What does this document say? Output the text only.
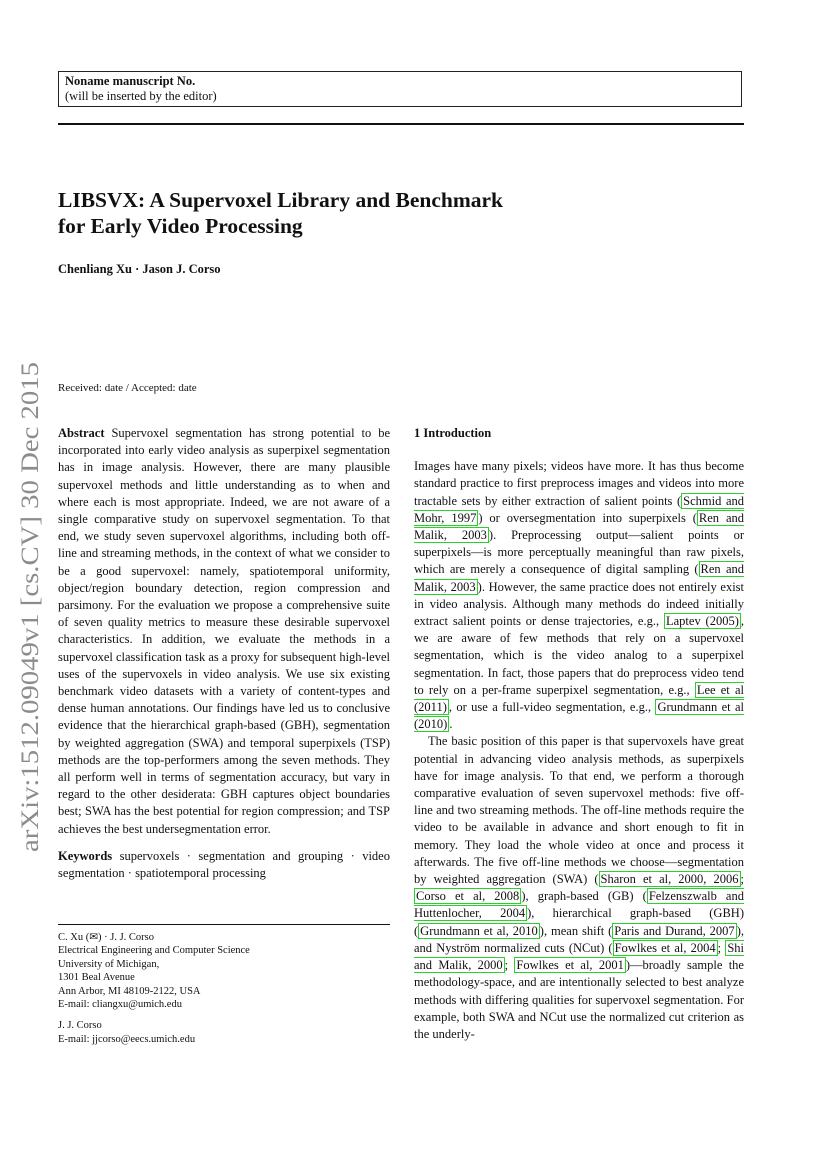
Noname manuscript No.
(will be inserted by the editor)
LIBSVX: A Supervoxel Library and Benchmark
for Early Video Processing
Chenliang Xu · Jason J. Corso
arXiv:1512.09049v1 [cs.CV] 30 Dec 2015
Received: date / Accepted: date

Abstract Supervoxel segmentation has strong potential to be incorporated into early video analysis as superpixel segmentation has in image analysis. However, there are many plausible supervoxel methods and little understanding as to when and where each is most appropriate. Indeed, we are not aware of a single comparative study on supervoxel segmentation. To that end, we study seven supervoxel algorithms, including both off-line and streaming methods, in the context of what we consider to be a good supervoxel: namely, spatiotemporal uniformity, object/region boundary detection, region compression and parsimony. For the evaluation we propose a comprehensive suite of seven quality metrics to measure these desirable supervoxel characteristics. In addition, we evaluate the methods in a supervoxel classification task as a proxy for subsequent high-level uses of the supervoxels in video analysis. We use six existing benchmark video datasets with a variety of content-types and dense human annotations. Our findings have led us to conclusive evidence that the hierarchical graph-based (GBH), segmentation by weighted aggregation (SWA) and temporal superpixels (TSP) methods are the top-performers among the seven methods. They all perform well in terms of segmentation accuracy, but vary in regard to the other desiderata: GBH captures object boundaries best; SWA has the best potential for region compression; and TSP achieves the best undersegmentation error.

Keywords supervoxels · segmentation and grouping · video segmentation · spatiotemporal processing

C. Xu (✉) · J. J. Corso
Electrical Engineering and Computer Science
University of Michigan,
1301 Beal Avenue
Ann Arbor, MI 48109-2122, USA
E-mail: cliangxu@umich.edu
J. J. Corso
E-mail: jjcorso@eecs.umich.edu
1 Introduction

Images have many pixels; videos have more. It has thus become standard practice to first preprocess images and videos into more tractable sets by either extraction of salient points ( Schmid and Mohr, 1997 ) or oversegmentation into superpixels ( Ren and Malik, 2003 ). Preprocessing output—salient points or superpixels—is more perceptually meaningful than raw pixels, which are merely a consequence of digital sampling ( Ren and Malik, 2003 ). However, the same practice does not entirely exist in video analysis. Although many methods do indeed initially extract salient points or dense trajectories, e.g., Laptev (2005) , we are aware of few methods that rely on a supervoxel segmentation, which is the video analog to a superpixel segmentation. In fact, those papers that do preprocess video tend to rely on a per-frame superpixel segmentation, e.g., Lee et al (2011) , or use a full-video segmentation, e.g., Grundmann et al (2010) .

The basic position of this paper is that supervoxels have great potential in advancing video analysis methods, as superpixels have for image analysis. To that end, we perform a thorough comparative evaluation of seven supervoxel methods: five off-line and two streaming methods. The off-line methods require the video to be available in advance and short enough to fit in memory. They load the whole video at once and process it afterwards. The five off-line methods we choose—segmentation by weighted aggregation (SWA) ( Sharon et al, 2000, 2006 ; Corso et al, 2008 ), graph-based (GB) ( Felzenszwalb and Huttenlocher, 2004 ), hierarchical graph-based (GBH) ( Grundmann et al, 2010 ), mean shift ( Paris and Durand, 2007 ), and Nyström normalized cuts (NCut) ( Fowlkes et al, 2004 ; Shi and Malik, 2000 ; Fowlkes et al, 2001 )—broadly sample the methodology-space, and are intentionally selected to best analyze methods with differing qualities for supervoxel segmentation. For example, both SWA and NCut use the normalized cut criterion as the underly-
